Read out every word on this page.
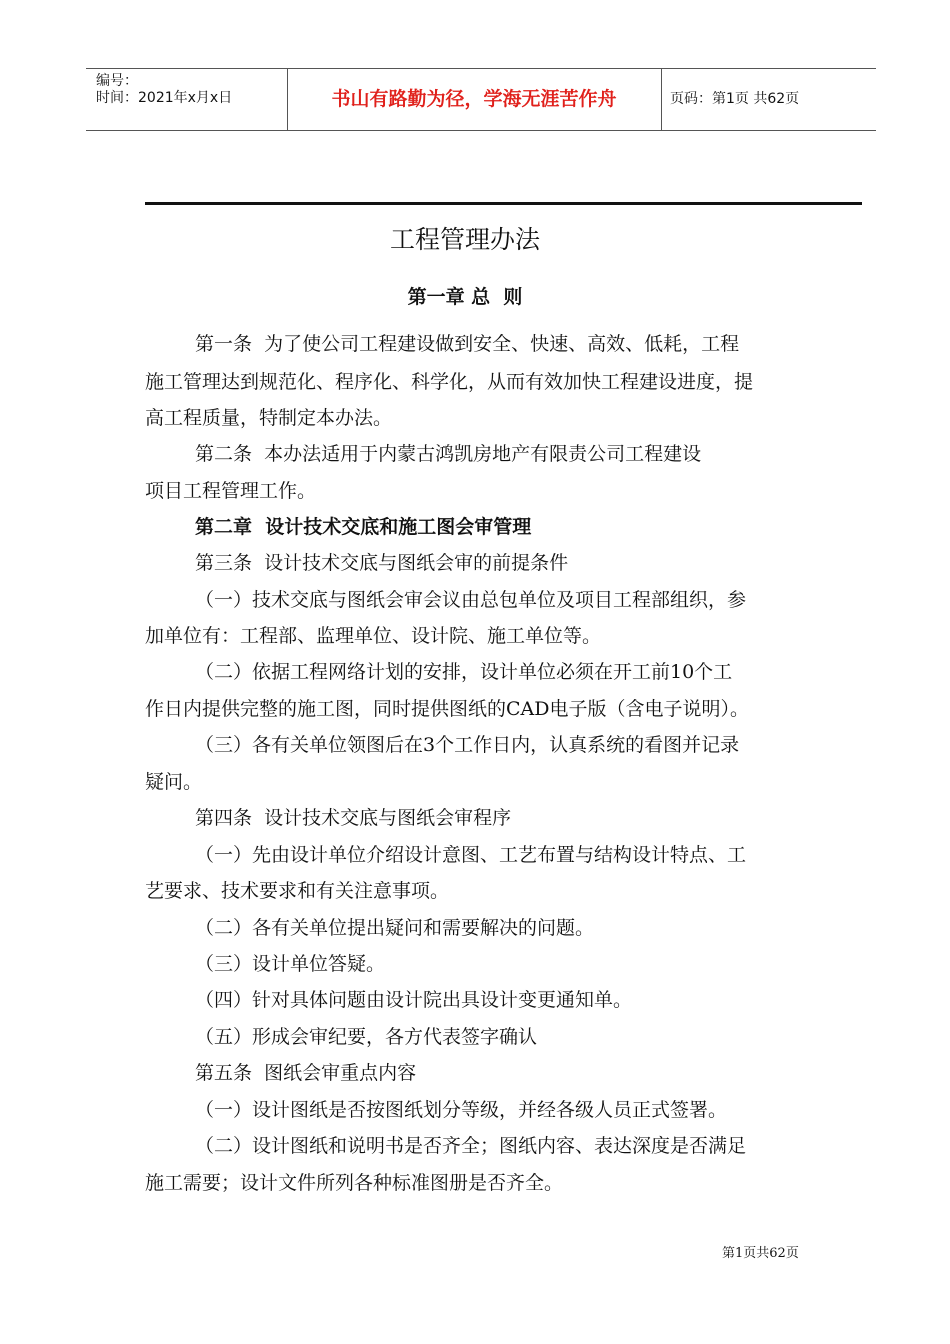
编号：
时间：2021年x月x日	书山有路勤为径，学海无涯苦作舟	页码：第1页 共62页
工程管理办法
第一章 总  则
第一条  为了使公司工程建设做到安全、快速、高效、低耗，工程
施工管理达到规范化、程序化、科学化，从而有效加快工程建设进度，提
高工程质量，特制定本办法。
第二条  本办法适用于内蒙古鸿凯房地产有限责公司工程建设
项目工程管理工作。
第二章  设计技术交底和施工图会审管理
第三条  设计技术交底与图纸会审的前提条件
（一）技术交底与图纸会审会议由总包单位及项目工程部组织，参
加单位有：工程部、监理单位、设计院、施工单位等。
（二）依据工程网络计划的安排，设计单位必须在开工前10个工
作日内提供完整的施工图，同时提供图纸的CAD电子版（含电子说明）。
（三）各有关单位领图后在3个工作日内，认真系统的看图并记录
疑问。
第四条  设计技术交底与图纸会审程序
（一）先由设计单位介绍设计意图、工艺布置与结构设计特点、工
艺要求、技术要求和有关注意事项。
（二）各有关单位提出疑问和需要解决的问题。
（三）设计单位答疑。
（四）针对具体问题由设计院出具设计变更通知单。
（五）形成会审纪要，各方代表签字确认
第五条  图纸会审重点内容
（一）设计图纸是否按图纸划分等级，并经各级人员正式签署。
（二）设计图纸和说明书是否齐全；图纸内容、表达深度是否满足
施工需要；设计文件所列各种标准图册是否齐全。
第1页共62页
